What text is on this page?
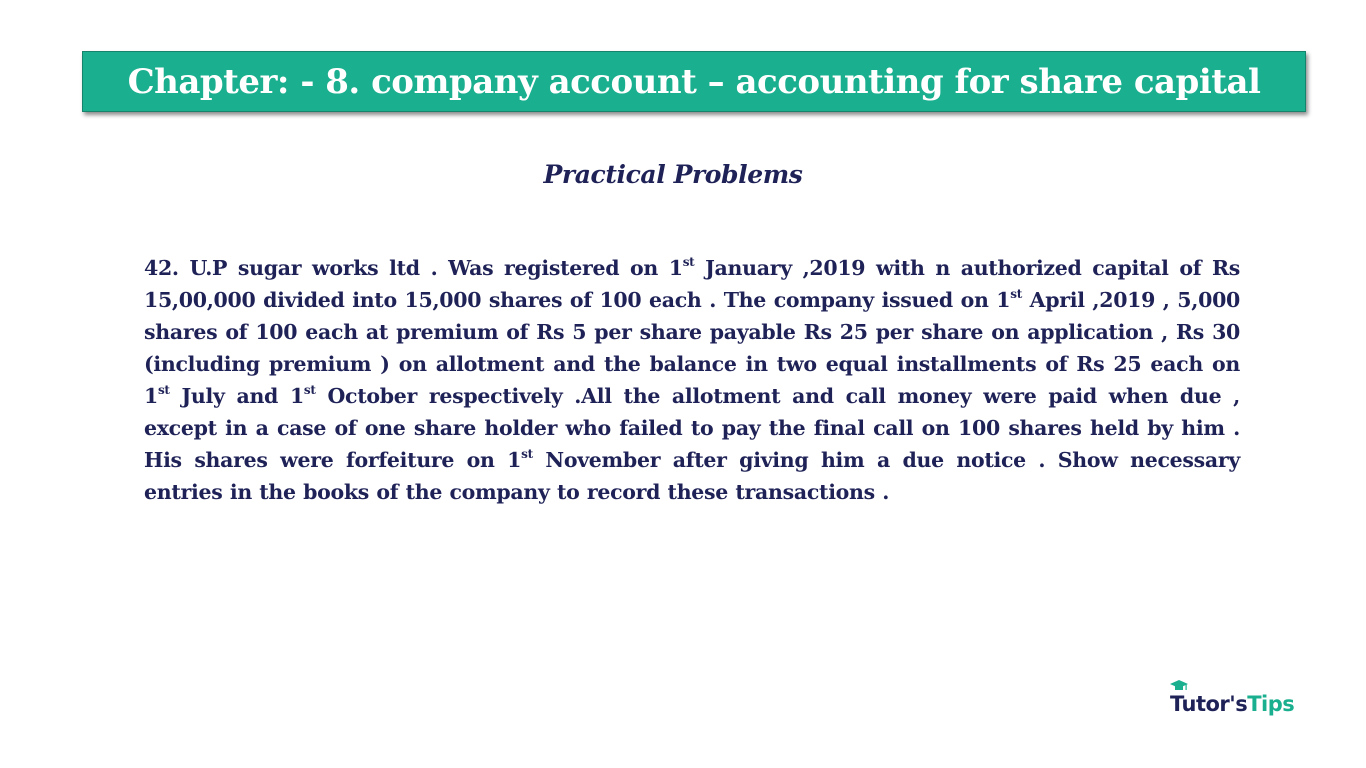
Chapter: - 8. company account – accounting for share capital
Practical Problems
42. U.P sugar works ltd . Was registered on 1st January ,2019 with n authorized capital of Rs 15,00,000 divided into 15,000 shares of 100 each . The company issued on 1st April ,2019 , 5,000 shares of 100 each at premium of Rs 5 per share payable Rs 25 per share on application , Rs 30 (including premium ) on allotment and the balance in two equal installments of Rs 25 each on 1st July and 1st October respectively .All the allotment and call money were paid when due , except in a case of one share holder who failed to pay the final call on 100 shares held by him . His shares were forfeiture on 1st November after giving him a due notice . Show necessary entries in the books of the company to record these transactions .
Tutor's Tips
